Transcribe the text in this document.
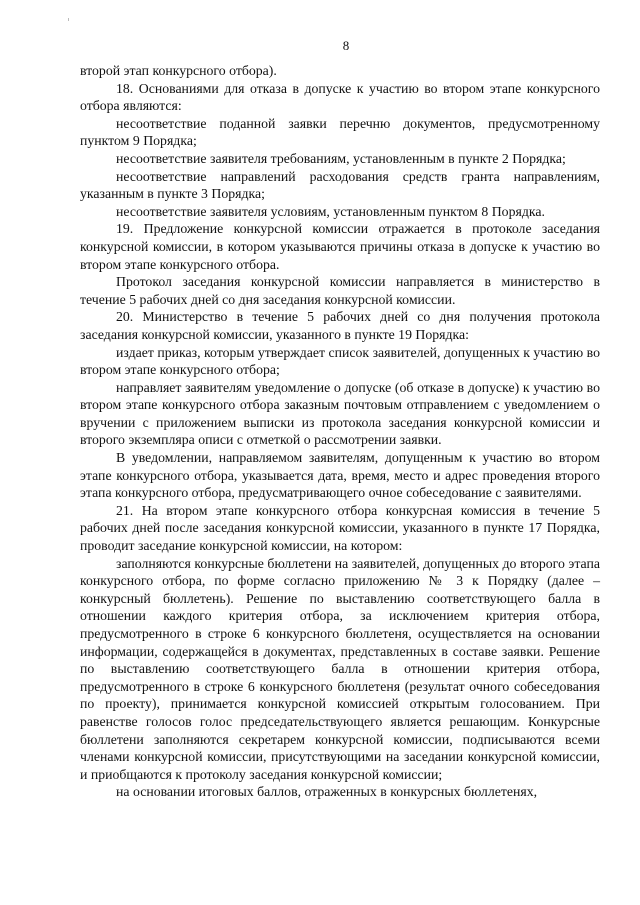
8

второй этап конкурсного отбора).

18. Основаниями для отказа в допуске к участию во втором этапе конкурсного отбора являются:

несоответствие поданной заявки перечню документов, предусмотренному пунктом 9 Порядка;

несоответствие заявителя требованиям, установленным в пункте 2 Порядка;

несоответствие направлений расходования средств гранта направлениям, указанным в пункте 3 Порядка;

несоответствие заявителя условиям, установленным пунктом 8 Порядка.

19. Предложение конкурсной комиссии отражается в протоколе заседания конкурсной комиссии, в котором указываются причины отказа в допуске к участию во втором этапе конкурсного отбора.

Протокол заседания конкурсной комиссии направляется в министерство в течение 5 рабочих дней со дня заседания конкурсной комиссии.

20. Министерство в течение 5 рабочих дней со дня получения протокола заседания конкурсной комиссии, указанного в пункте 19 Порядка:

издает приказ, которым утверждает список заявителей, допущенных к участию во втором этапе конкурсного отбора;

направляет заявителям уведомление о допуске (об отказе в допуске) к участию во втором этапе конкурсного отбора заказным почтовым отправлением с уведомлением о вручении с приложением выписки из протокола заседания конкурсной комиссии и второго экземпляра описи с отметкой о рассмотрении заявки.

В уведомлении, направляемом заявителям, допущенным к участию во втором этапе конкурсного отбора, указывается дата, время, место и адрес проведения второго этапа конкурсного отбора, предусматривающего очное собеседование с заявителями.

21. На втором этапе конкурсного отбора конкурсная комиссия в течение 5 рабочих дней после заседания конкурсной комиссии, указанного в пункте 17 Порядка, проводит заседание конкурсной комиссии, на котором:

заполняются конкурсные бюллетени на заявителей, допущенных до второго этапа конкурсного отбора, по форме согласно приложению № 3 к Порядку (далее – конкурсный бюллетень). Решение по выставлению соответствующего балла в отношении каждого критерия отбора, за исключением критерия отбора, предусмотренного в строке 6 конкурсного бюллетеня, осуществляется на основании информации, содержащейся в документах, представленных в составе заявки. Решение по выставлению соответствующего балла в отношении критерия отбора, предусмотренного в строке 6 конкурсного бюллетеня (результат очного собеседования по проекту), принимается конкурсной комиссией открытым голосованием. При равенстве голосов голос председательствующего является решающим. Конкурсные бюллетени заполняются секретарем конкурсной комиссии, подписываются всеми членами конкурсной комиссии, присутствующими на заседании конкурсной комиссии, и приобщаются к протоколу заседания конкурсной комиссии;

на основании итоговых баллов, отраженных в конкурсных бюллетенях,
